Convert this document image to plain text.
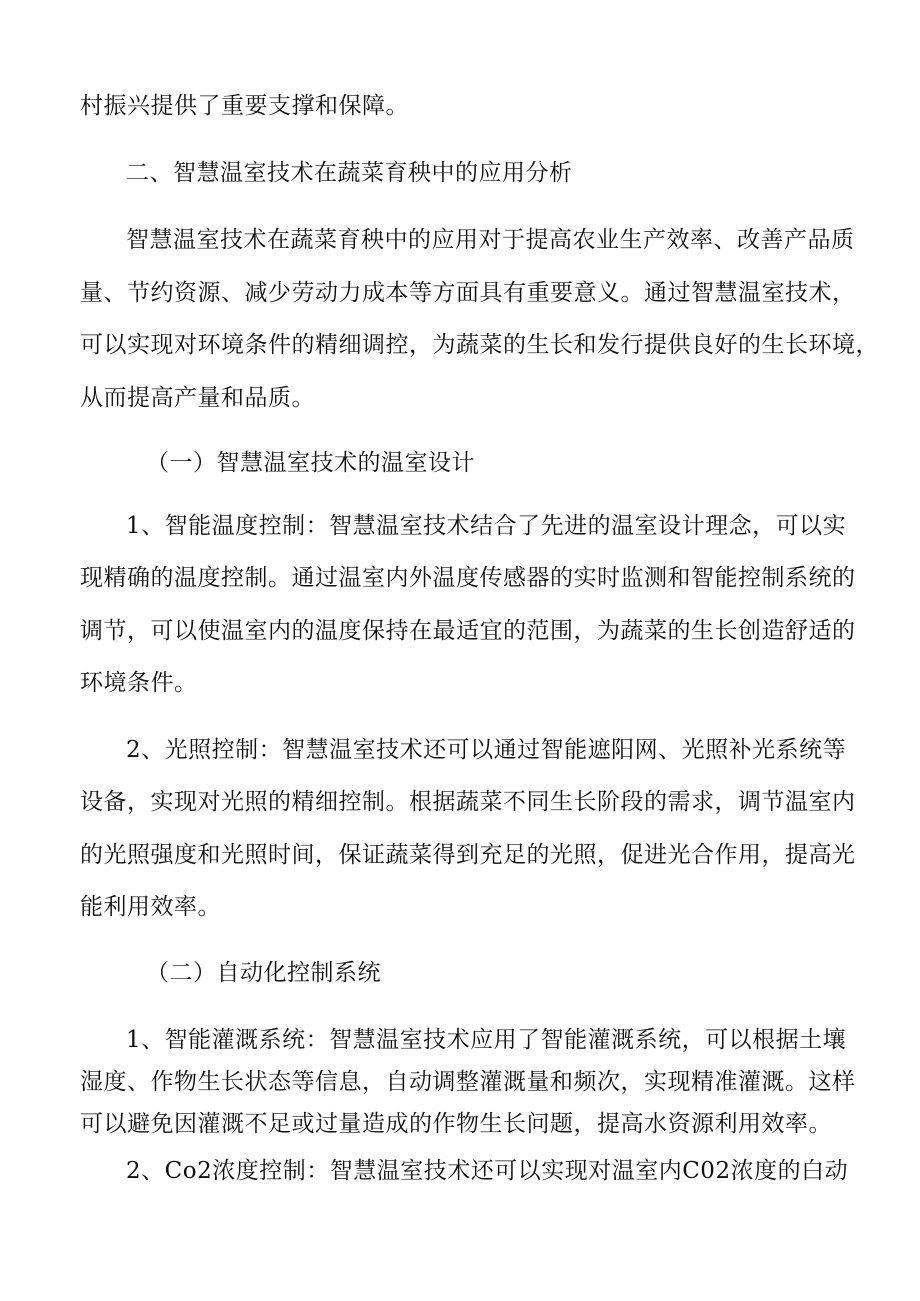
村振兴提供了重要支撑和保障。
二、智慧温室技术在蔬菜育秧中的应用分析
智慧温室技术在蔬菜育秧中的应用对于提高农业生产效率、改善产品质
量、节约资源、减少劳动力成本等方面具有重要意义。通过智慧温室技术，
可以实现对环境条件的精细调控，为蔬菜的生长和发行提供良好的生长环境，
从而提高产量和品质。
（一）智慧温室技术的温室设计
1、智能温度控制：智慧温室技术结合了先进的温室设计理念，可以实
现精确的温度控制。通过温室内外温度传感器的实时监测和智能控制系统的
调节，可以使温室内的温度保持在最适宜的范围，为蔬菜的生长创造舒适的
环境条件。
2、光照控制：智慧温室技术还可以通过智能遮阳网、光照补光系统等
设备，实现对光照的精细控制。根据蔬菜不同生长阶段的需求，调节温室内
的光照强度和光照时间，保证蔬菜得到充足的光照，促进光合作用，提高光
能利用效率。
（二）自动化控制系统
1、智能灌溉系统：智慧温室技术应用了智能灌溉系统，可以根据土壤
湿度、作物生长状态等信息，自动调整灌溉量和频次，实现精准灌溉。这样
可以避免因灌溉不足或过量造成的作物生长问题，提高水资源利用效率。
2、Co2浓度控制：智慧温室技术还可以实现对温室内C02浓度的白动
